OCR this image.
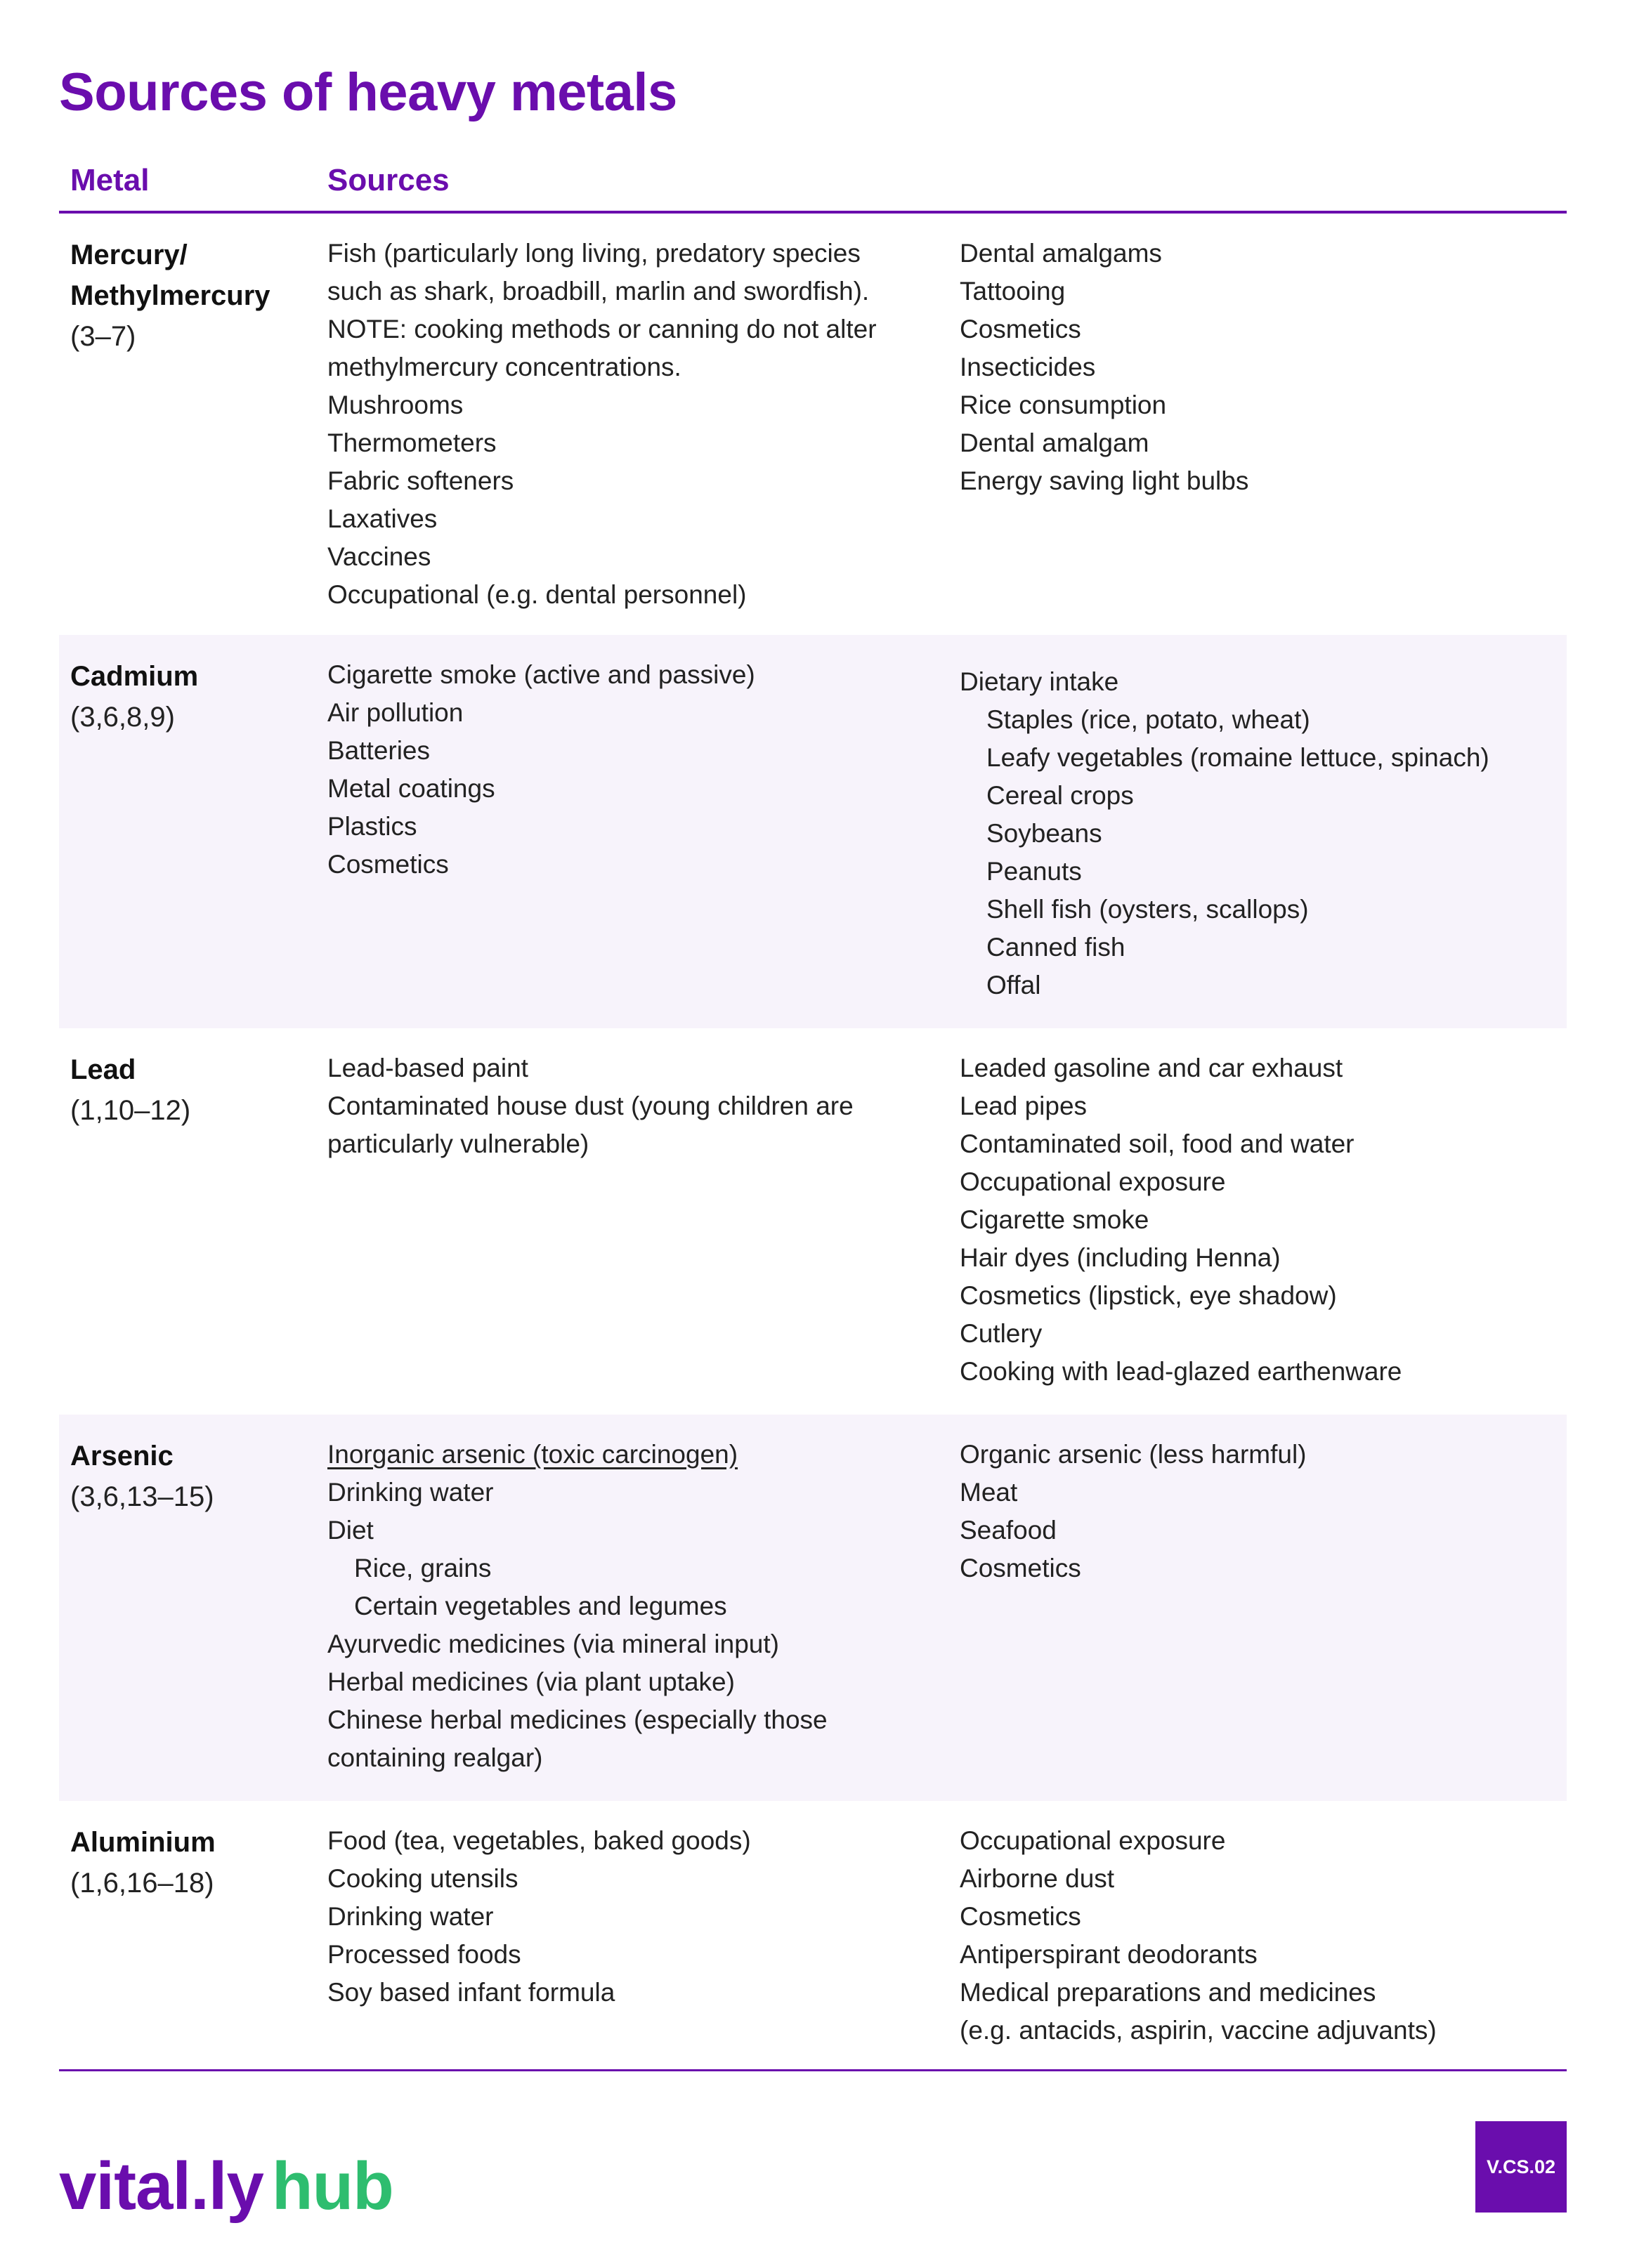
Sources of heavy metals
Metal	Sources
Mercury/
Methylmercury
(3–7)
Fish (particularly long living, predatory species
such as shark, broadbill, marlin and swordfish).
NOTE: cooking methods or canning do not alter
methylmercury concentrations.
Mushrooms
Thermometers
Fabric softeners
Laxatives
Vaccines
Occupational (e.g. dental personnel)
Dental amalgams
Tattooing
Cosmetics
Insecticides
Rice consumption
Dental amalgam
Energy saving light bulbs
Cadmium
(3,6,8,9)
Cigarette smoke (active and passive)
Air pollution
Batteries
Metal coatings
Plastics
Cosmetics
Dietary intake
Staples (rice, potato, wheat)
Leafy vegetables (romaine lettuce, spinach)
Cereal crops
Soybeans
Peanuts
Shell fish (oysters, scallops)
Canned fish
Offal
Lead
(1,10–12)
Lead-based paint
Contaminated house dust (young children are
particularly vulnerable)
Leaded gasoline and car exhaust
Lead pipes
Contaminated soil, food and water
Occupational exposure
Cigarette smoke
Hair dyes (including Henna)
Cosmetics (lipstick, eye shadow)
Cutlery
Cooking with lead-glazed earthenware
Arsenic
(3,6,13–15)
Inorganic arsenic (toxic carcinogen)
Drinking water
Diet
Rice, grains
Certain vegetables and legumes
Ayurvedic medicines (via mineral input)
Herbal medicines (via plant uptake)
Chinese herbal medicines (especially those
containing realgar)
Organic arsenic (less harmful)
Meat
Seafood
Cosmetics
Aluminium
(1,6,16–18)
Food (tea, vegetables, baked goods)
Cooking utensils
Drinking water
Processed foods
Soy based infant formula
Occupational exposure
Airborne dust
Cosmetics
Antiperspirant deodorants
Medical preparations and medicines
(e.g. antacids, aspirin, vaccine adjuvants)
vital.ly hub	V.CS.02
